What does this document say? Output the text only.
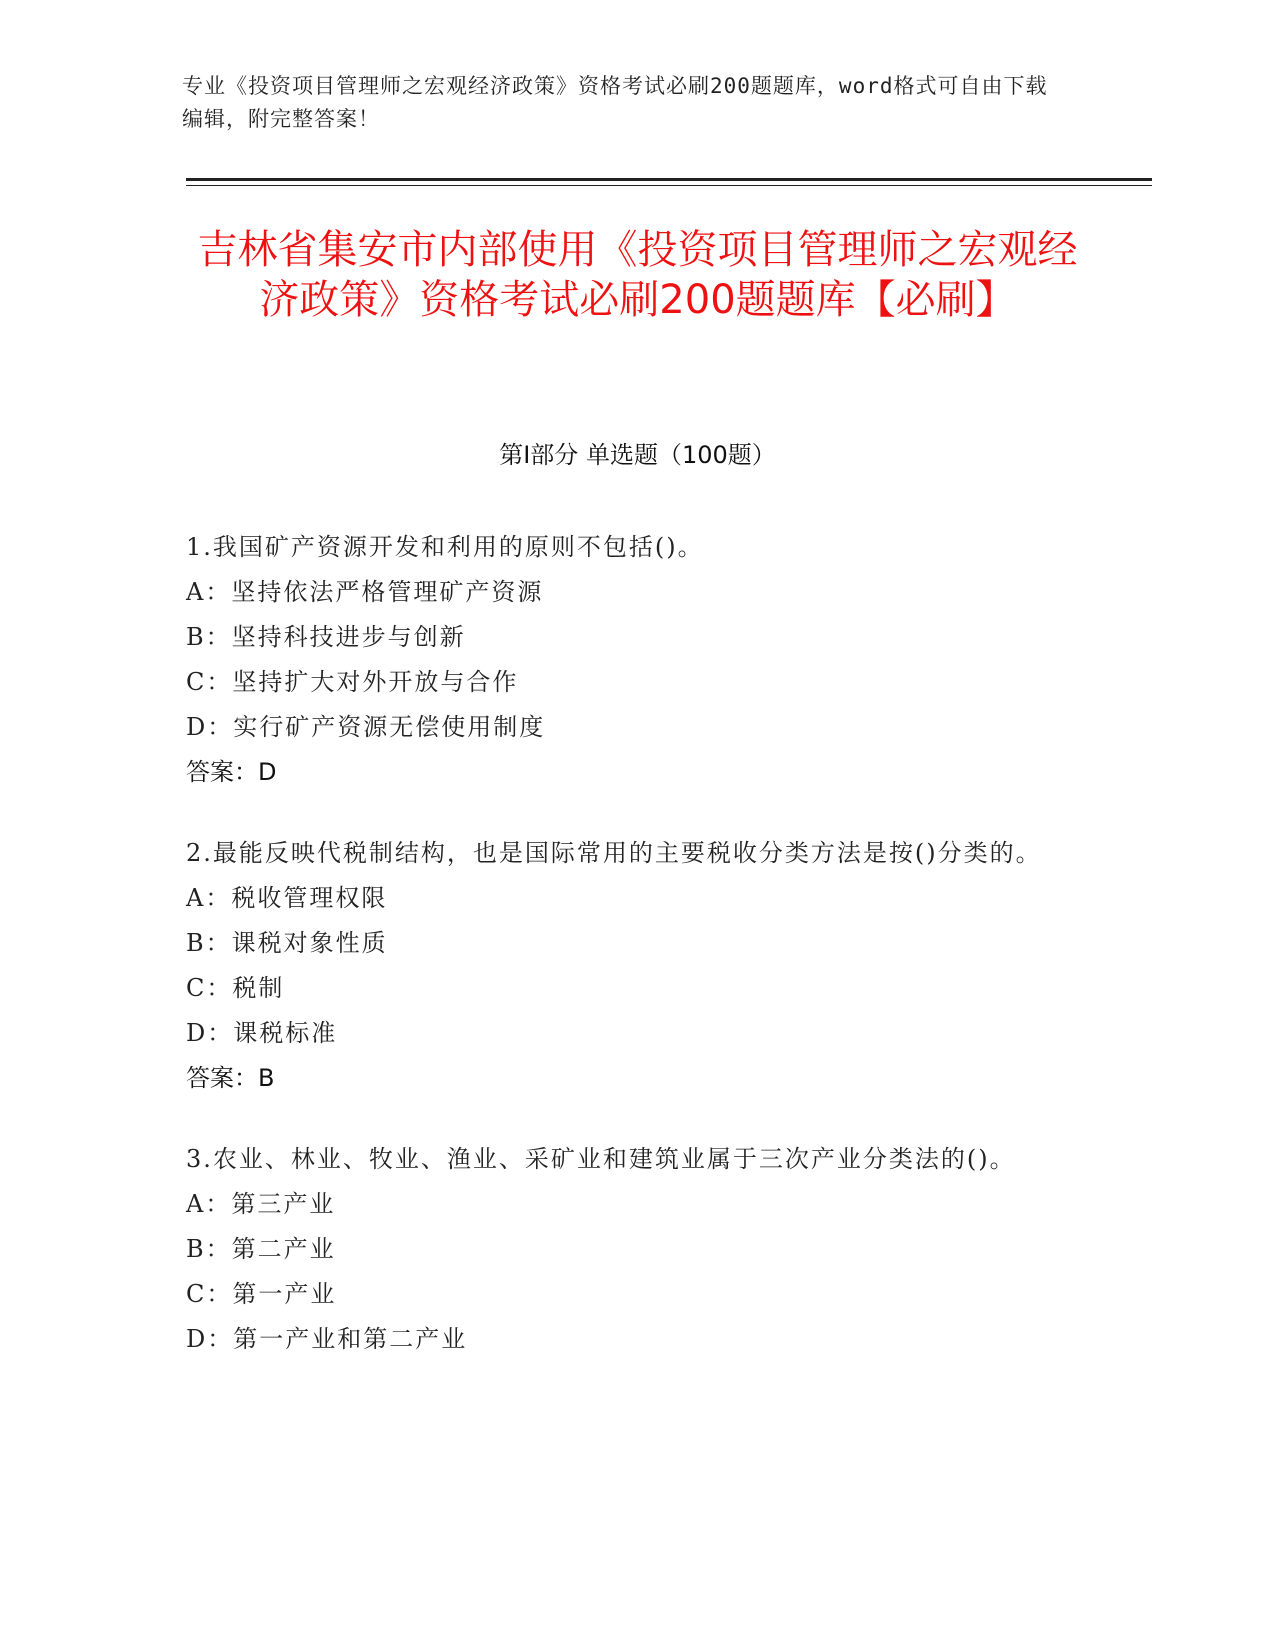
专业《投资项目管理师之宏观经济政策》资格考试必刷200题题库，word格式可自由下载编辑，附完整答案！
吉林省集安市内部使用《投资项目管理师之宏观经济政策》资格考试必刷200题题库【必刷】
第I部分 单选题（100题）
1.我国矿产资源开发和利用的原则不包括()。
A：坚持依法严格管理矿产资源
B：坚持科技进步与创新
C：坚持扩大对外开放与合作
D：实行矿产资源无偿使用制度
答案：D
2.最能反映代税制结构，也是国际常用的主要税收分类方法是按()分类的。
A：税收管理权限
B：课税对象性质
C：税制
D：课税标准
答案：B
3.农业、林业、牧业、渔业、采矿业和建筑业属于三次产业分类法的()。
A：第三产业
B：第二产业
C：第一产业
D：第一产业和第二产业
